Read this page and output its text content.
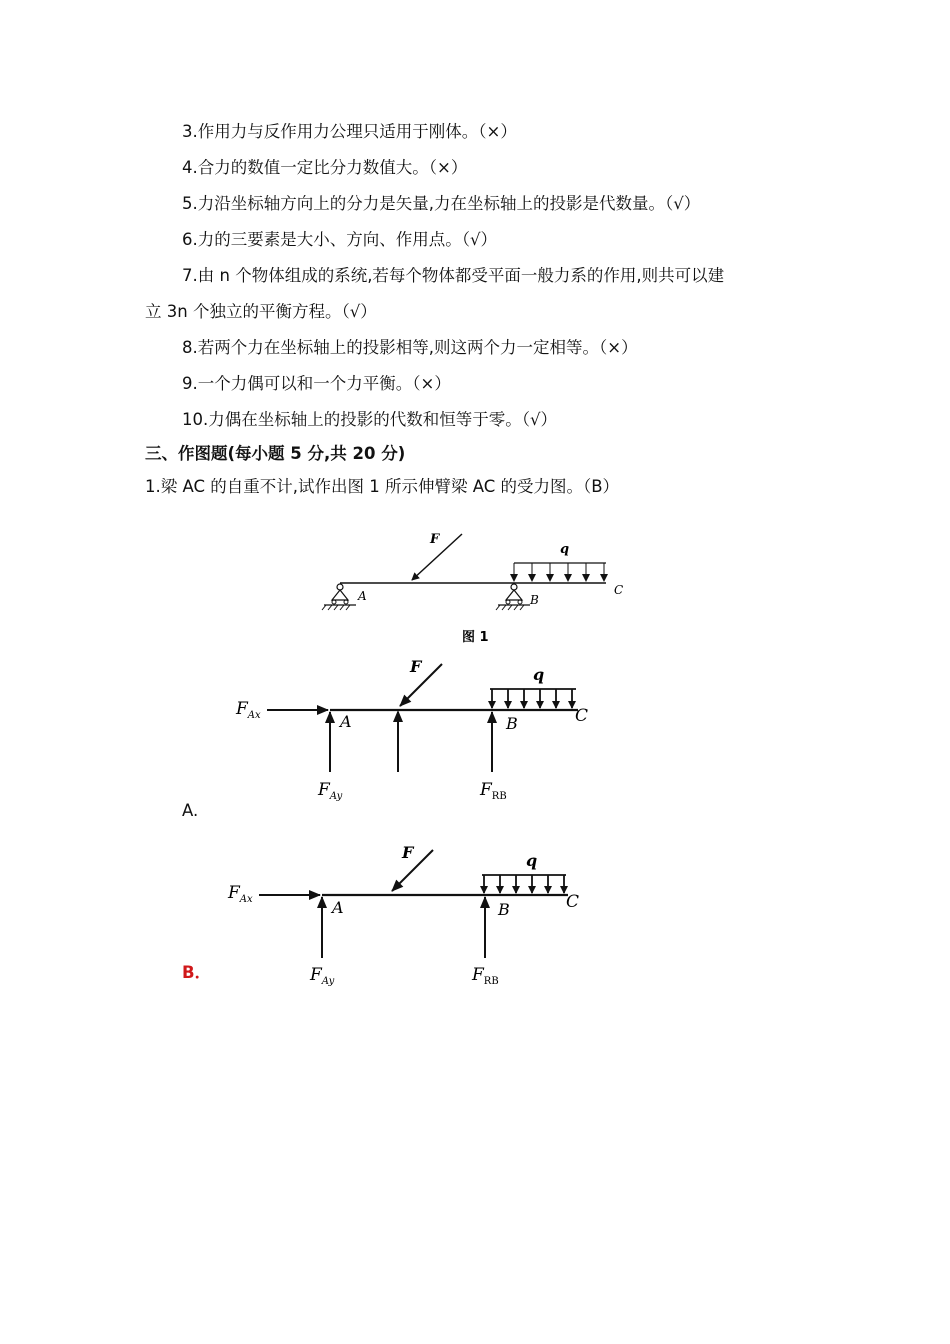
3.作用力与反作用力公理只适用于刚体。（×）
4.合力的数值一定比分力数值大。（×）
5.力沿坐标轴方向上的分力是矢量,力在坐标轴上的投影是代数量。（√）
6.力的三要素是大小、方向、作用点。（√）
7.由 n 个物体组成的系统,若每个物体都受平面一般力系的作用,则共可以建
立 3n 个独立的平衡方程。（√）
8.若两个力在坐标轴上的投影相等,则这两个力一定相等。（×）
9.一个力偶可以和一个力平衡。（×）
10.力偶在坐标轴上的投影的代数和恒等于零。（√）
三、作图题(每小题 5 分,共 20 分)
1.梁 AC 的自重不计,试作出图 1 所示伸臂梁 AC 的受力图。（B）
F
q
A	B
C
图 1
F	q
A	B	C
$F_{Ax}$
$F_{Ay}$	$F_{RB}$
F	q
A	B	C
$F_{Ax}$
$F_{Ay}$	$F_{RB}$
A.
B．
